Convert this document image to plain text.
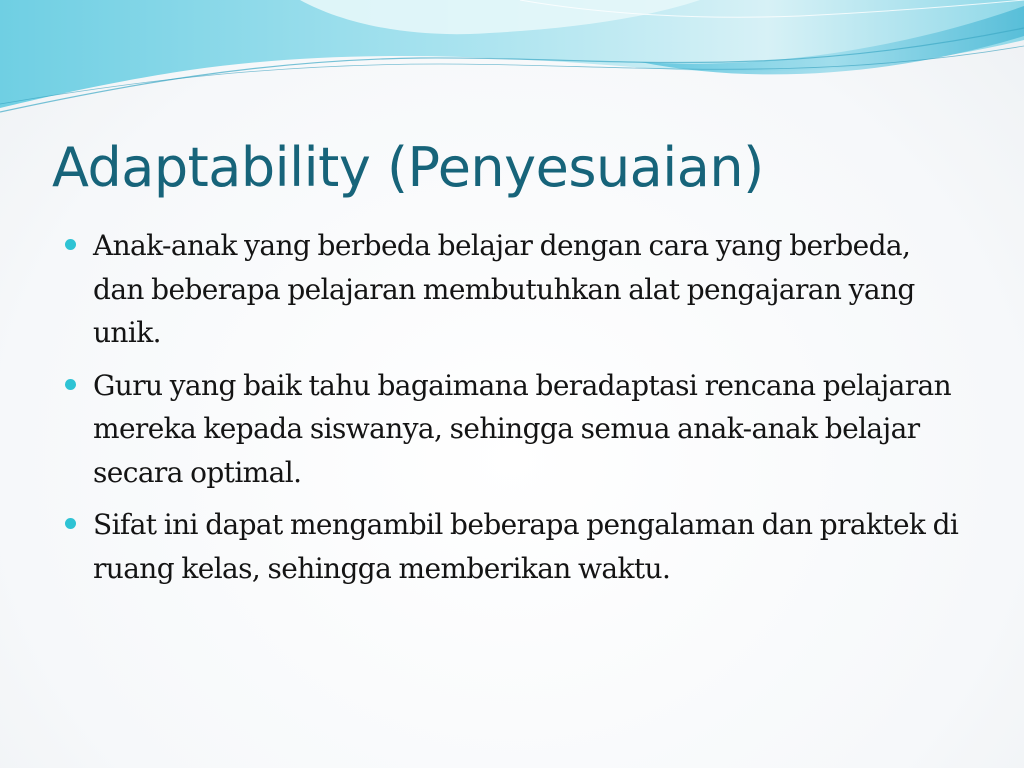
Adaptability (Penyesuaian)
Anak-anak yang berbeda belajar dengan cara yang berbeda, dan beberapa pelajaran membutuhkan alat pengajaran yang unik.
Guru yang baik tahu bagaimana beradaptasi rencana pelajaran mereka kepada siswanya, sehingga semua anak-anak belajar secara optimal.
Sifat ini dapat mengambil beberapa pengalaman dan praktek di ruang kelas, sehingga memberikan waktu.
